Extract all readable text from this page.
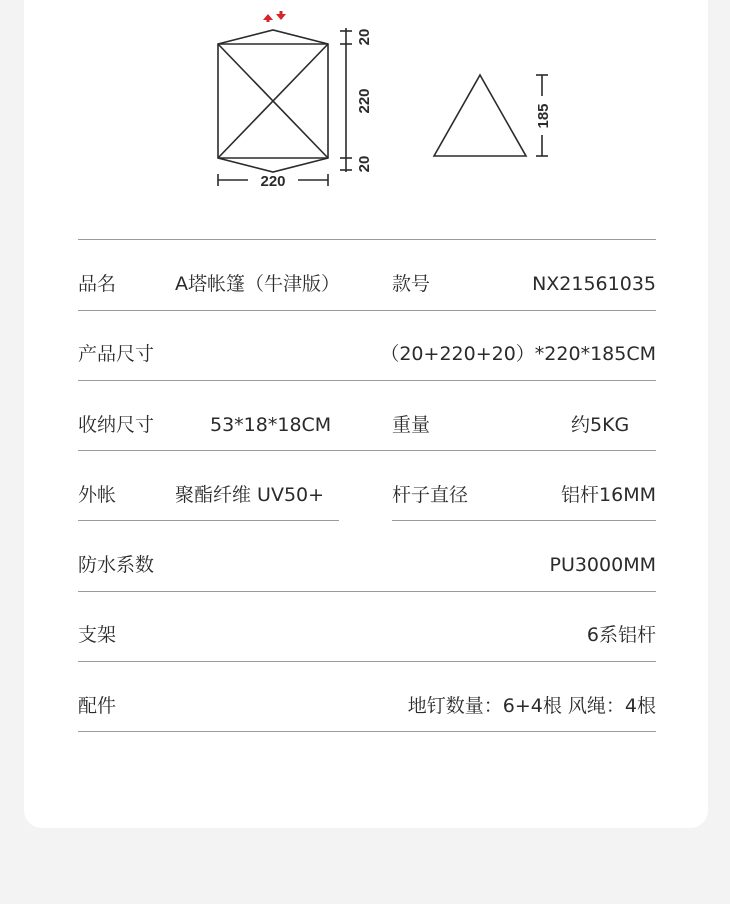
20
220
20
220
185
品名	A塔帐篷（牛津版）	款号	NX21561035
产品尺寸	（20+220+20）*220*185CM
收纳尺寸	53*18*18CM	重量	约5KG
外帐	聚酯纤维 UV50+	杆子直径	铝杆16MM
防水系数	PU3000MM
支架	6系铝杆
配件	地钉数量：6+4根 风绳：4根
